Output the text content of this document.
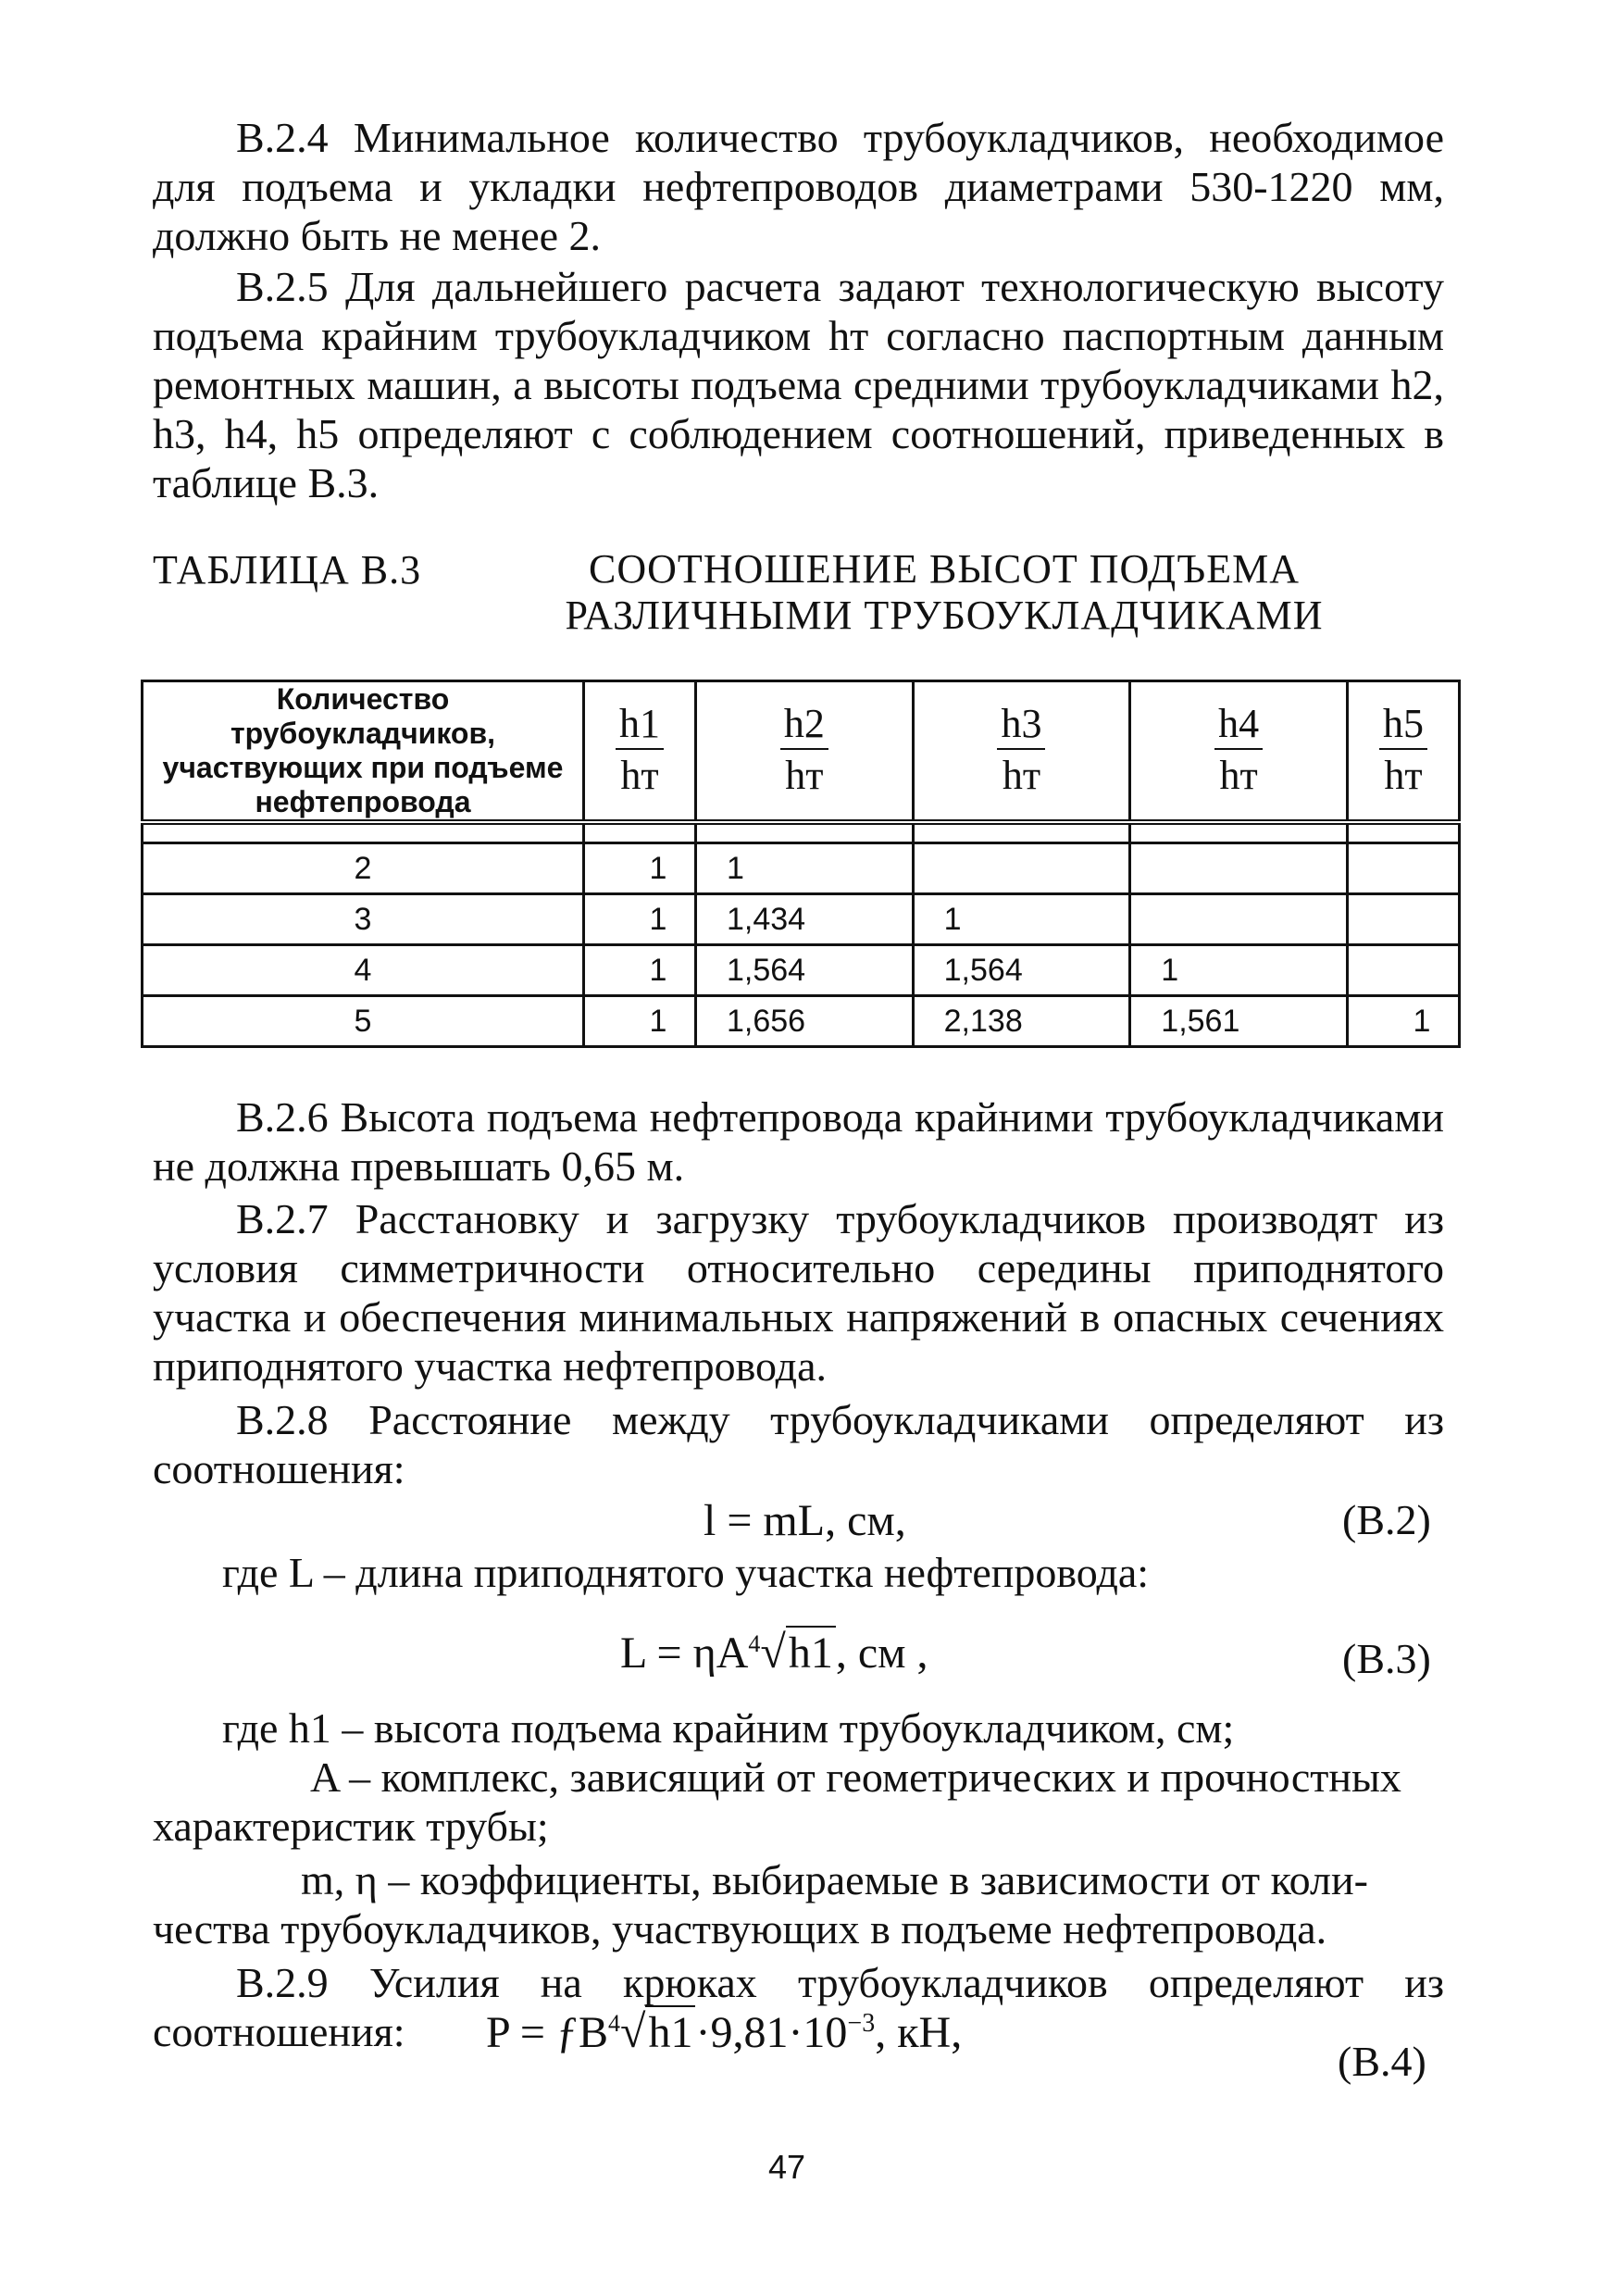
В.2.4 Минимальное количество трубоукладчиков, необходимое для подъема и укладки нефтепроводов диаметрами 530-1220 мм, должно быть не менее 2.

В.2.5 Для дальнейшего расчета задают технологическую высоту подъема крайним трубоукладчиком hт согласно паспортным данным ремонтных машин, а высоты подъема средними трубоукладчиками h2, h3, h4, h5 определяют с соблюдением соотношений, приведенных в таблице В.3.

ТАБЛИЦА В.3	СООТНОШЕНИЕ ВЫСОТ ПОДЪЕМА
РАЗЛИЧНЫМИ ТРУБОУКЛАДЧИКАМИ
Количество трубоукладчиков, участвующих при подъеме нефтепровода	$\frac{h1}{hт}$	$\frac{h2}{hт}$	$\frac{h3}{hт}$	$\frac{h4}{hт}$	$\frac{h5}{hт}$

2	1	1			
3	1	1,434	1		
4	1	1,564	1,564	1	
5	1	1,656	2,138	1,561	1

В.2.6 Высота подъема нефтепровода крайними трубоукладчиками не должна превышать 0,65 м.

В.2.7 Расстановку и загрузку трубоукладчиков производят из условия симметричности относительно середины приподнятого участка и обеспечения минимальных напряжений в опасных сечениях приподнятого участка нефтепровода.

В.2.8 Расстояние между трубоукладчиками определяют из соотношения:

l = mL, см,	(В.2)

где L – длина приподнятого участка нефтепровода:

$L = \eta A^4√h1$, см ,	(В.3)

где h1 – высота подъема крайним трубоукладчиком, см;

A – комплекс, зависящий от геометрических и прочностных

характеристик трубы;

m, η – коэффициенты, выбираемые в зависимости от коли-

чества трубоукладчиков, участвующих в подъеме нефтепровода.

В.2.9 Усилия на крюках трубоукладчиков определяют из соотношения:	$P = ƒB^4√h1\cdot 9,81\cdot 10^{-3}$, кН,
(В.4)
47
